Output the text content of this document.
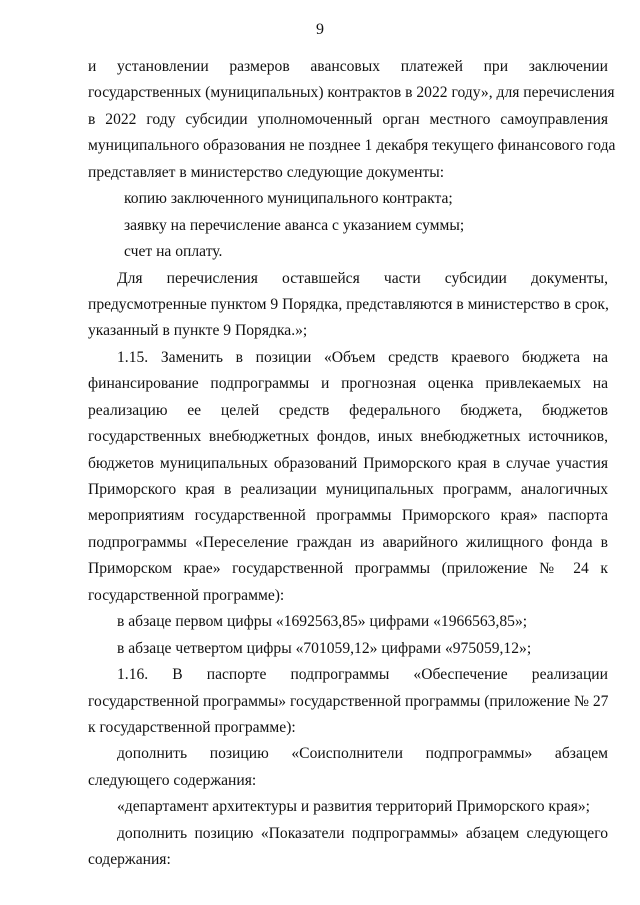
9
и установлении размеров авансовых платежей при заключении
государственных (муниципальных) контрактов в 2022 году», для перечисления
в 2022 году субсидии уполномоченный орган местного самоуправления
муниципального образования не позднее 1 декабря текущего финансового года
представляет в министерство следующие документы:
копию заключенного муниципального контракта;
заявку на перечисление аванса с указанием суммы;
счет на оплату.
Для перечисления оставшейся части субсидии документы,
предусмотренные пунктом 9 Порядка, представляются в министерство в срок,
указанный в пункте 9 Порядка.»;
1.15. Заменить в позиции «Объем средств краевого бюджета на
финансирование подпрограммы и прогнозная оценка привлекаемых на
реализацию ее целей средств федерального бюджета, бюджетов
государственных внебюджетных фондов, иных внебюджетных источников,
бюджетов муниципальных образований Приморского края в случае участия
Приморского края в реализации муниципальных программ, аналогичных
мероприятиям государственной программы Приморского края» паспорта
подпрограммы «Переселение граждан из аварийного жилищного фонда в
Приморском крае» государственной программы (приложение № 24 к
государственной программе):
в абзаце первом цифры «1692563,85» цифрами «1966563,85»;
в абзаце четвертом цифры «701059,12» цифрами «975059,12»;
1.16. В паспорте подпрограммы «Обеспечение реализации
государственной программы» государственной программы (приложение № 27
к государственной программе):
дополнить позицию «Соисполнители подпрограммы» абзацем
следующего содержания:
«департамент архитектуры и развития территорий Приморского края»;
дополнить позицию «Показатели подпрограммы» абзацем следующего
содержания:
